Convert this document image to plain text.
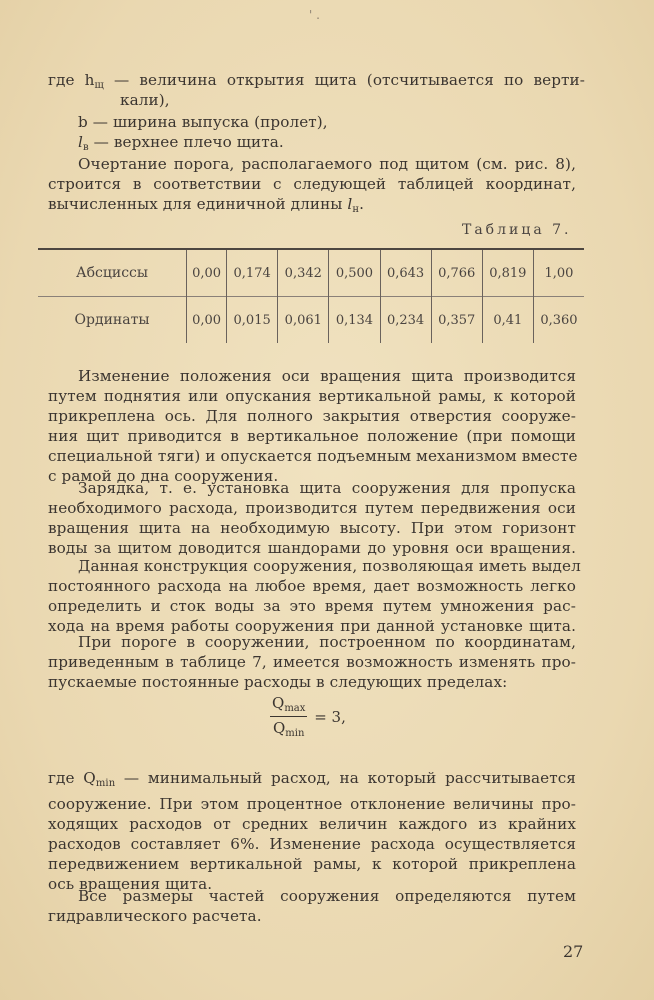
' .
где $h_щ$ — величина открытия щита (отсчитывается по верти-
кали),
b — ширина выпуска (пролет),
$l_в$ — верхнее плечо щита.
Очертание порога, располагаемого под щитом (см. рис. 8),
строится в соответствии с следующей таблицей координат,
вычисленных для единичной длины $l_н$.
Таблица 7.
Абсциссы	0,00	0,174	0,342	0,500	0,643	0,766	0,819	1,00
Ординаты	0,00	0,015	0,061	0,134	0,234	0,357	0,41	0,360
Изменение положения оси вращения щита производится
путем поднятия или опускания вертикальной рамы, к которой
прикреплена ось. Для полного закрытия отверстия сооруже-
ния щит приводится в вертикальное положение (при помощи
специальной тяги) и опускается подъемным механизмом вместе
с рамой до дна сооружения.
Зарядка, т. е. установка щита сооружения для пропуска
необходимого расхода, производится путем передвижения оси
вращения щита на необходимую высоту. При этом горизонт
воды за щитом доводится шандорами до уровня оси вращения.
Данная конструкция сооружения, позволяющая иметь выдел
постоянного расхода на любое время, дает возможность легко
определить и сток воды за это время путем умножения рас-
хода на время работы сооружения при данной установке щита.
При пороге в сооружении, построенном по координатам,
приведенным в таблице 7, имеется возможность изменять про-
пускаемые постоянные расходы в следующих пределах:
$\frac{Q_{max}}{Q_{min}} = 3$,
где $Q_{min}$ — минимальный расход, на который рассчитывается
сооружение. При этом процентное отклонение величины про-
ходящих расходов от средних величин каждого из крайних
расходов составляет 6%. Изменение расхода осуществляется
передвижением вертикальной рамы, к которой прикреплена
ось вращения щита.
Все размеры частей сооружения определяются путем
гидравлического расчета.
27
